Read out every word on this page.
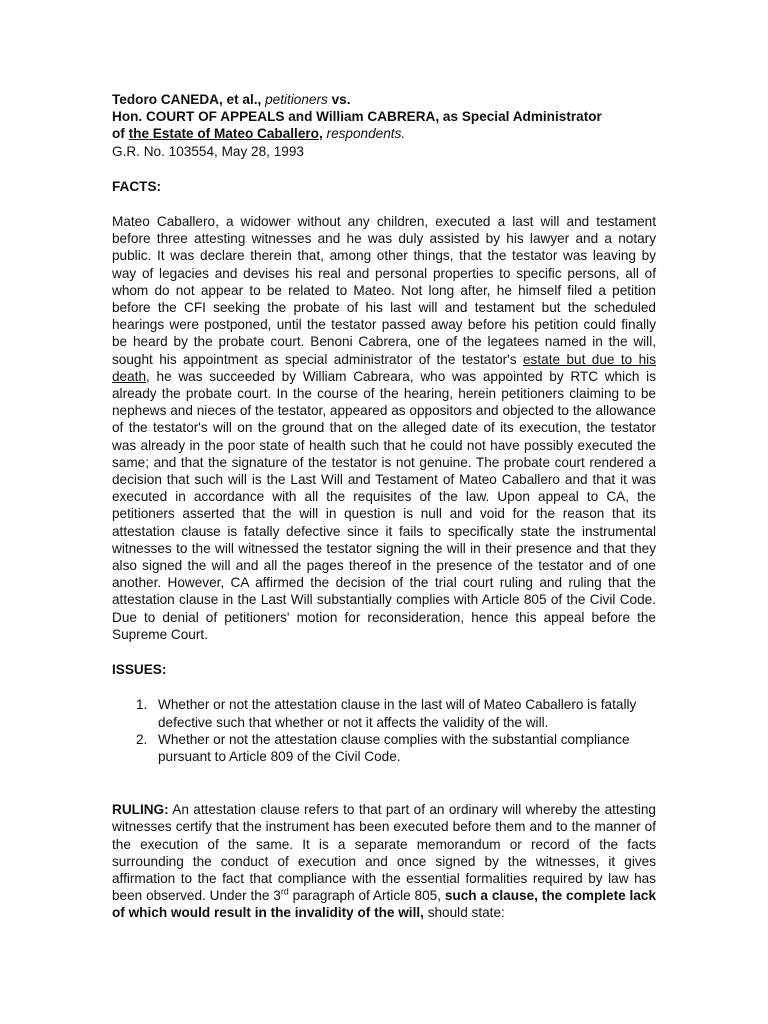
Tedoro CANEDA, et al., petitioners vs.

Hon. COURT OF APPEALS and William CABRERA, as Special Administrator

of the Estate of Mateo Caballero, respondents.

G.R. No. 103554, May 28, 1993

FACTS:

Mateo Caballero, a widower without any children, executed a last will and testament before three attesting witnesses and he was duly assisted by his lawyer and a notary public. It was declare therein that, among other things, that the testator was leaving by way of legacies and devises his real and personal properties to specific persons, all of whom do not appear to be related to Mateo. Not long after, he himself filed a petition before the CFI seeking the probate of his last will and testament but the scheduled hearings were postponed, until the testator passed away before his petition could finally be heard by the probate court. Benoni Cabrera, one of the legatees named in the will, sought his appointment as special administrator of the testator's estate but due to his death, he was succeeded by William Cabreara, who was appointed by RTC which is already the probate court. In the course of the hearing, herein petitioners claiming to be nephews and nieces of the testator, appeared as oppositors and objected to the allowance of the testator's will on the ground that on the alleged date of its execution, the testator was already in the poor state of health such that he could not have possibly executed the same; and that the signature of the testator is not genuine. The probate court rendered a decision that such will is the Last Will and Testament of Mateo Caballero and that it was executed in accordance with all the requisites of the law. Upon appeal to CA, the petitioners asserted that the will in question is null and void for the reason that its attestation clause is fatally defective since it fails to specifically state the instrumental witnesses to the will witnessed the testator signing the will in their presence and that they also signed the will and all the pages thereof in the presence of the testator and of one another. However, CA affirmed the decision of the trial court ruling and ruling that the attestation clause in the Last Will substantially complies with Article 805 of the Civil Code. Due to denial of petitioners' motion for reconsideration, hence this appeal before the Supreme Court.

ISSUES:

1. Whether or not the attestation clause in the last will of Mateo Caballero is fatally defective such that whether or not it affects the validity of the will.
2. Whether or not the attestation clause complies with the substantial compliance pursuant to Article 809 of the Civil Code.

RULING: An attestation clause refers to that part of an ordinary will whereby the attesting witnesses certify that the instrument has been executed before them and to the manner of the execution of the same. It is a separate memorandum or record of the facts surrounding the conduct of execution and once signed by the witnesses, it gives affirmation to the fact that compliance with the essential formalities required by law has been observed. Under the 3rd paragraph of Article 805, such a clause, the complete lack of which would result in the invalidity of the will, should state:
